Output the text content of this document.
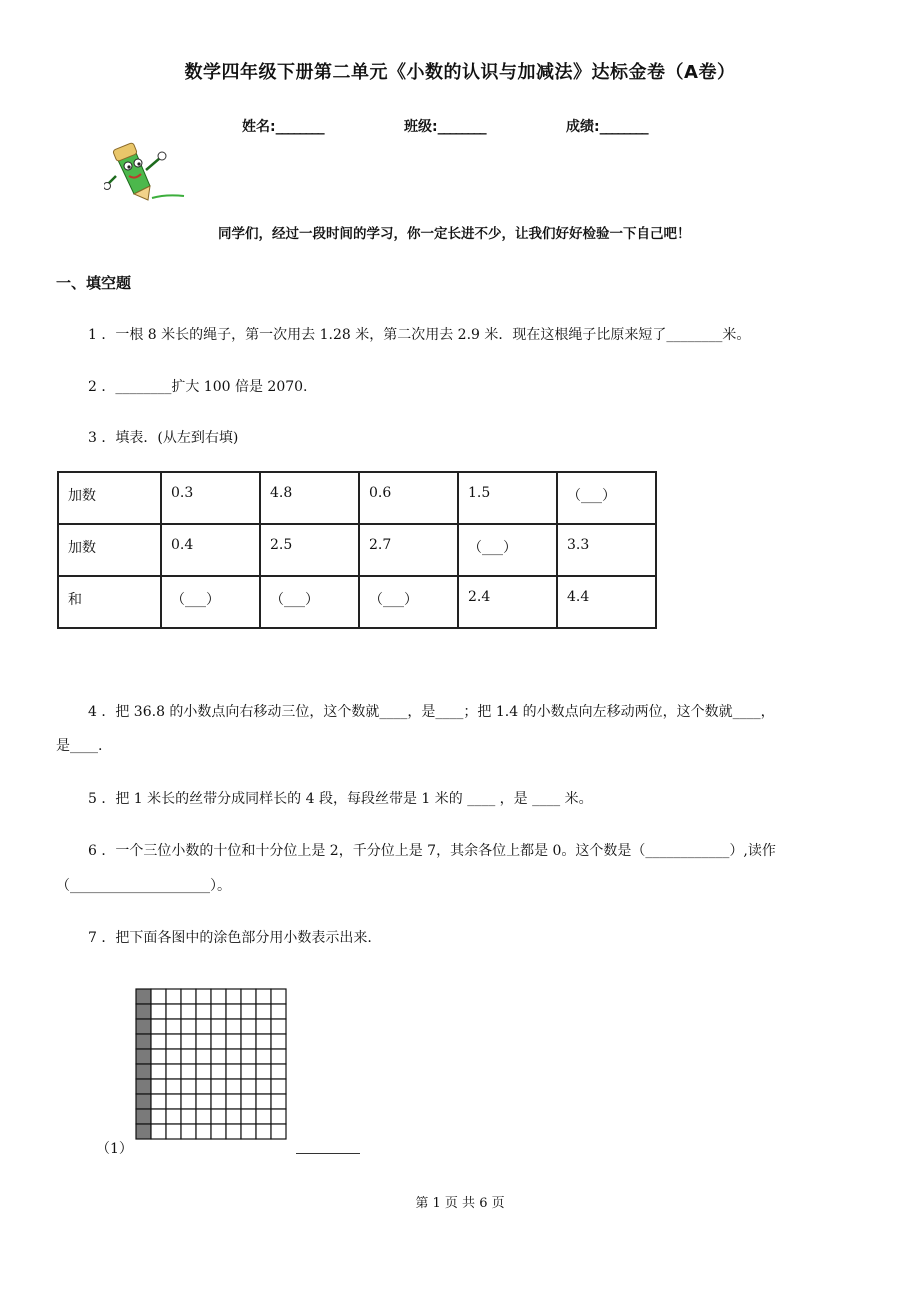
数学四年级下册第二单元《小数的认识与加减法》达标金卷（A卷）
姓名:________	班级:________	成绩:________
同学们，经过一段时间的学习，你一定长进不少，让我们好好检验一下自己吧！
一、填空题
1 ．一根 8 米长的绳子，第一次用去 1.28 米，第二次用去 2.9 米．现在这根绳子比原来短了________米。
2 ．________扩大 100 倍是 2070.
3 ．填表．(从左到右填)
加数	0.3	4.8	0.6	1.5	（___）
加数	0.4	2.5	2.7	（___）	3.3
和	（___）	（___）	（___）	2.4	4.4
4 ．把 36.8 的小数点向右移动三位，这个数就____，是____；把 1.4 的小数点向左移动两位，这个数就____，
是____.
5 ．把 1 米长的丝带分成同样长的 4 段，每段丝带是 1 米的 ____ ，是 ____ 米。
6 ．一个三位小数的十位和十分位上是 2，千分位上是 7，其余各位上都是 0。这个数是（____________）,读作
（____________________）。
7 ．把下面各图中的涂色部分用小数表示出来.
（1）
第 1 页 共 6 页
